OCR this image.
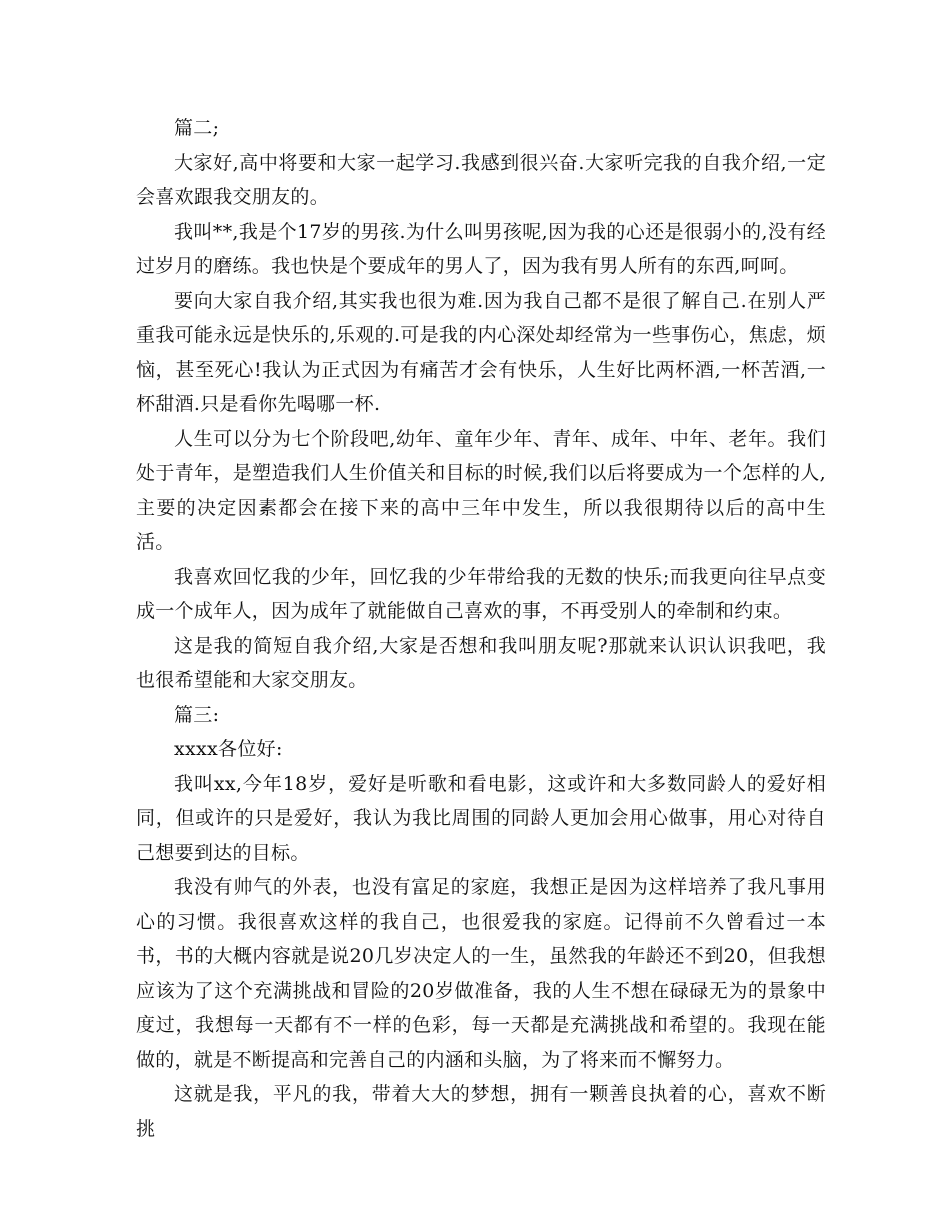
篇二;

大家好,高中将要和大家一起学习.我感到很兴奋.大家听完我的自我介绍,一定会喜欢跟我交朋友的。

我叫**,我是个17岁的男孩.为什么叫男孩呢,因为我的心还是很弱小的,没有经过岁月的磨练。我也快是个要成年的男人了，因为我有男人所有的东西,呵呵。

要向大家自我介绍,其实我也很为难.因为我自己都不是很了解自己.在别人严重我可能永远是快乐的,乐观的.可是我的内心深处却经常为一些事伤心，焦虑，烦恼，甚至死心!我认为正式因为有痛苦才会有快乐，人生好比两杯酒,一杯苦酒,一杯甜酒.只是看你先喝哪一杯.

人生可以分为七个阶段吧,幼年、童年少年、青年、成年、中年、老年。我们处于青年，是塑造我们人生价值关和目标的时候,我们以后将要成为一个怎样的人,主要的决定因素都会在接下来的高中三年中发生，所以我很期待以后的高中生活。

我喜欢回忆我的少年，回忆我的少年带给我的无数的快乐;而我更向往早点变成一个成年人，因为成年了就能做自己喜欢的事，不再受别人的牵制和约束。

这是我的简短自我介绍,大家是否想和我叫朋友呢?那就来认识认识我吧，我也很希望能和大家交朋友。

篇三:

xxxx各位好:

我叫xx,今年18岁，爱好是听歌和看电影，这或许和大多数同龄人的爱好相同，但或许的只是爱好，我认为我比周围的同龄人更加会用心做事，用心对待自己想要到达的目标。

我没有帅气的外表，也没有富足的家庭，我想正是因为这样培养了我凡事用心的习惯。我很喜欢这样的我自己，也很爱我的家庭。记得前不久曾看过一本书，书的大概内容就是说20几岁决定人的一生，虽然我的年龄还不到20，但我想应该为了这个充满挑战和冒险的20岁做准备，我的人生不想在碌碌无为的景象中度过，我想每一天都有不一样的色彩，每一天都是充满挑战和希望的。我现在能做的，就是不断提高和完善自己的内涵和头脑，为了将来而不懈努力。

这就是我，平凡的我，带着大大的梦想，拥有一颗善良执着的心，喜欢不断挑
